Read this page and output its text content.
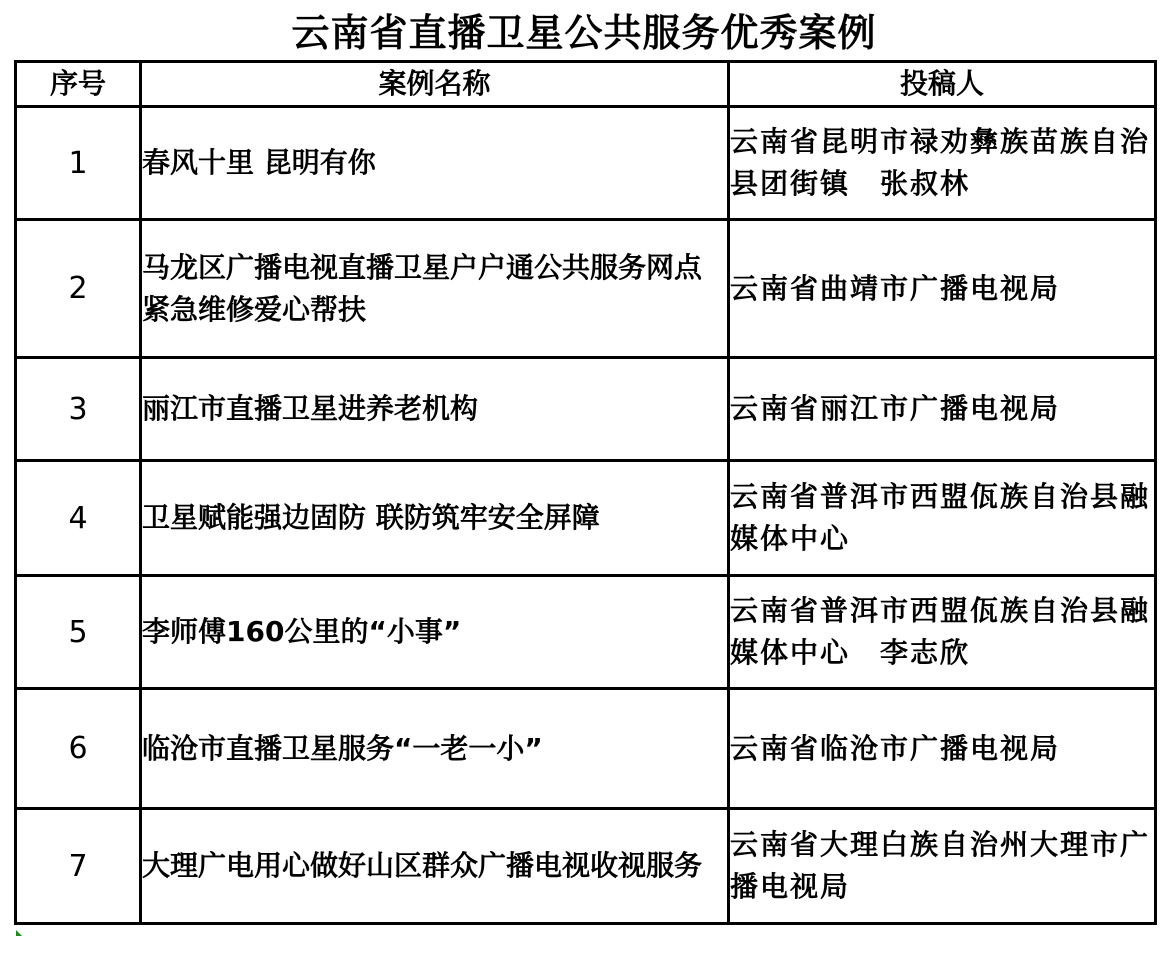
云南省直播卫星公共服务优秀案例
序号	案例名称	投稿人
1	春风十里 昆明有你	云南省昆明市禄劝彝族苗族自治县团街镇　张叔林
2	马龙区广播电视直播卫星户户通公共服务网点紧急维修爱心帮扶	云南省曲靖市广播电视局
3	丽江市直播卫星进养老机构	云南省丽江市广播电视局
4	卫星赋能强边固防 联防筑牢安全屏障	云南省普洱市西盟佤族自治县融媒体中心
5	李师傅160公里的“小事”	云南省普洱市西盟佤族自治县融媒体中心　李志欣
6	临沧市直播卫星服务“一老一小”	云南省临沧市广播电视局
7	大理广电用心做好山区群众广播电视收视服务	云南省大理白族自治州大理市广播电视局
